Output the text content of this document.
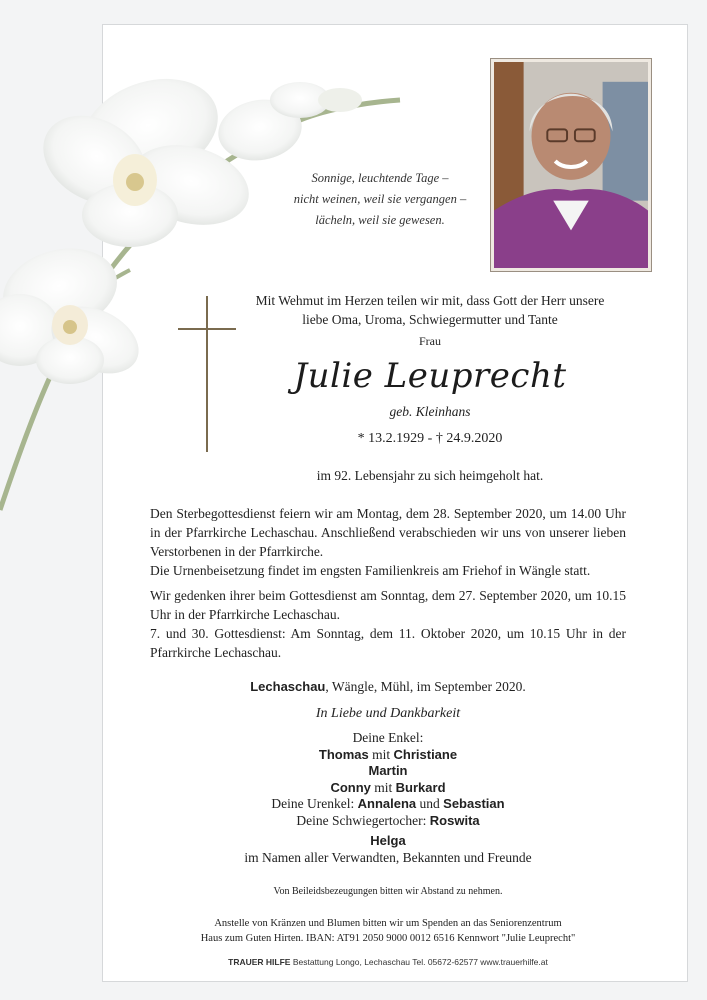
Sonnige, leuchtende Tage –
nicht weinen, weil sie vergangen –
lächeln, weil sie gewesen.
Mit Wehmut im Herzen teilen wir mit, dass Gott der Herr unsere
liebe Oma, Uroma, Schwiegermutter und Tante
Frau
Julie Leuprecht
geb. Kleinhans
* 13.2.1929 - † 24.9.2020
im 92. Lebensjahr zu sich heimgeholt hat.
Den Sterbegottesdienst feiern wir am Montag, dem 28. September 2020, um 14.00 Uhr in der Pfarrkirche Lechaschau. Anschließend verabschieden wir uns von unserer lieben Verstorbenen in der Pfarrkirche.
Die Urnenbeisetzung findet im engsten Familienkreis am Friehof in Wängle statt.
Wir gedenken ihrer beim Gottesdienst am Sonntag, dem 27. September 2020, um 10.15 Uhr in der Pfarrkirche Lechaschau.
7. und 30. Gottesdienst: Am Sonntag, dem 11. Oktober 2020, um 10.15 Uhr in der Pfarrkirche Lechaschau.
Lechaschau, Wängle, Mühl, im September 2020.
In Liebe und Dankbarkeit
Deine Enkel:
Thomas mit Christiane
Martin
Conny mit Burkard
Deine Urenkel: Annalena und Sebastian
Deine Schwiegertocher: Roswita
Helga
im Namen aller Verwandten, Bekannten und Freunde
Von Beileidsbezeugungen bitten wir Abstand zu nehmen.
Anstelle von Kränzen und Blumen bitten wir um Spenden an das Seniorenzentrum
Haus zum Guten Hirten. IBAN: AT91 2050 9000 0012 6516 Kennwort "Julie Leuprecht"
TRAUER HILFE Bestattung Longo, Lechaschau Tel. 05672-62577 www.trauerhilfe.at
